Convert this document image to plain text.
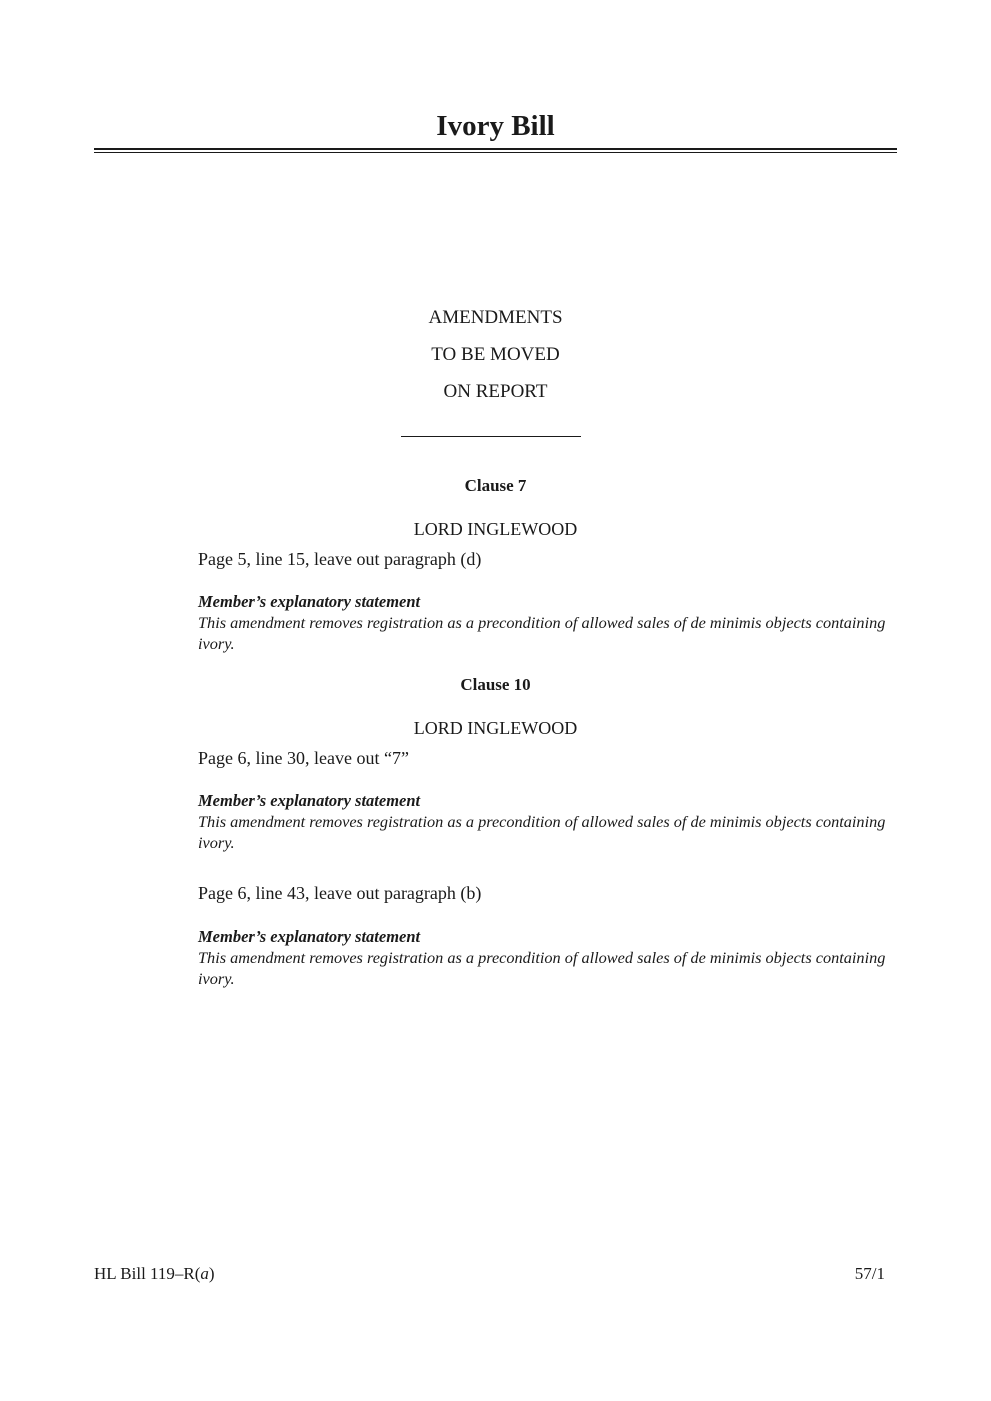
Ivory Bill
AMENDMENTS
TO BE MOVED
ON REPORT
Clause 7
LORD INGLEWOOD
Page 5, line 15, leave out paragraph (d)
Member’s explanatory statement
This amendment removes registration as a precondition of allowed sales of de minimis objects containing ivory.
Clause 10
LORD INGLEWOOD
Page 6, line 30, leave out “7”
Member’s explanatory statement
This amendment removes registration as a precondition of allowed sales of de minimis objects containing ivory.
Page 6, line 43, leave out paragraph (b)
Member’s explanatory statement
This amendment removes registration as a precondition of allowed sales of de minimis objects containing ivory.
HL Bill 119–R(a)	57/1
